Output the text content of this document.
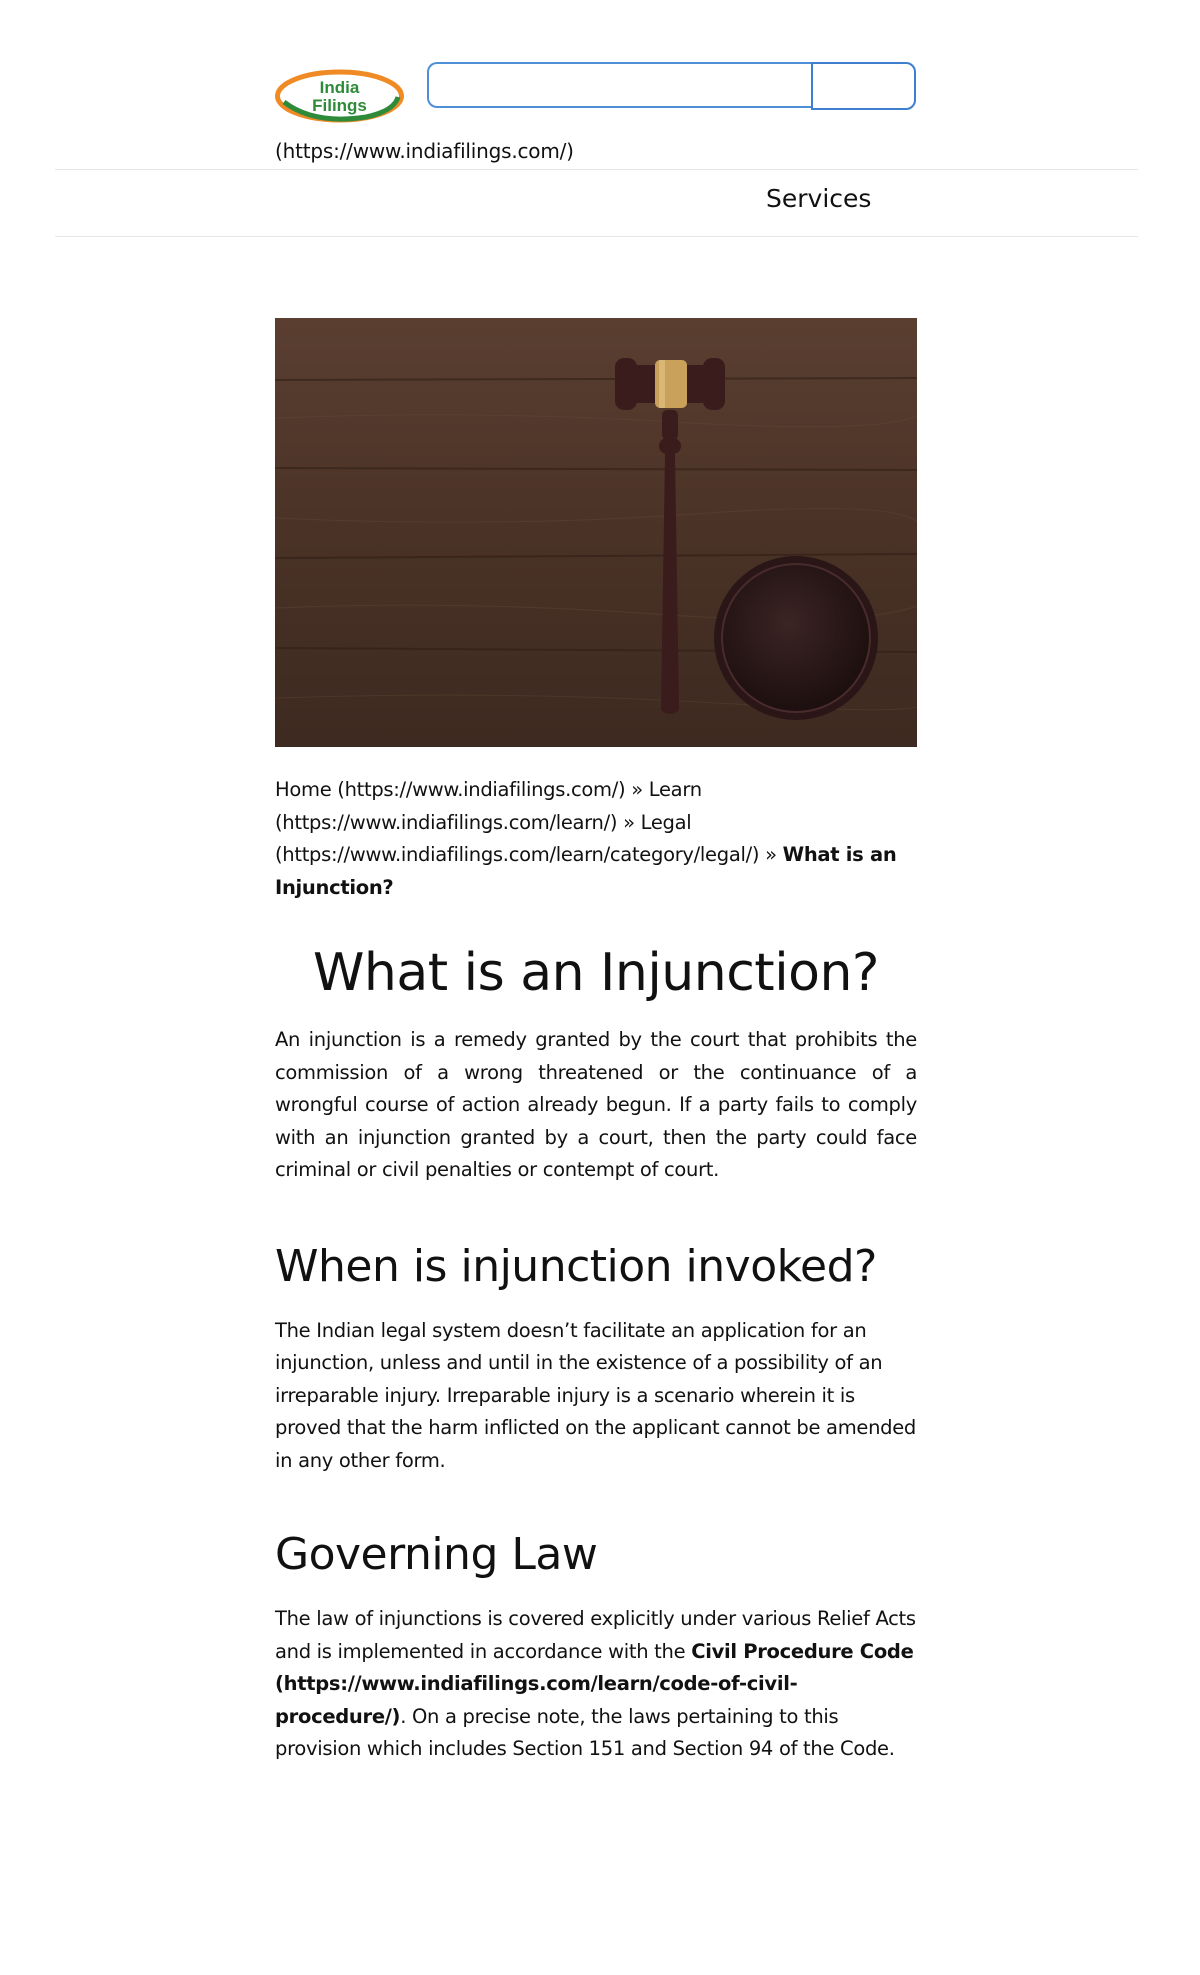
India
Filings
(https://www.indiafilings.com/)
Services
Home (https://www.indiafilings.com/) » Learn (https://www.indiafilings.com/learn/) » Legal (https://www.indiafilings.com/learn/category/legal/) » What is an Injunction?
What is an Injunction?

An injunction is a remedy granted by the court that prohibits the commission of a wrong threatened or the continuance of a wrongful course of action already begun. If a party fails to comply with an injunction granted by a court, then the party could face criminal or civil penalties or contempt of court.

When is injunction invoked?

The Indian legal system doesn’t facilitate an application for an injunction, unless and until in the existence of a possibility of an irreparable injury. Irreparable injury is a scenario wherein it is proved that the harm inflicted on the applicant cannot be amended in any other form.

Governing Law

The law of injunctions is covered explicitly under various Relief Acts and is implemented in accordance with the Civil Procedure Code (https://www.indiafilings.com/learn/code-of-civil-procedure/). On a precise note, the laws pertaining to this provision which includes Section 151 and Section 94 of the Code.
